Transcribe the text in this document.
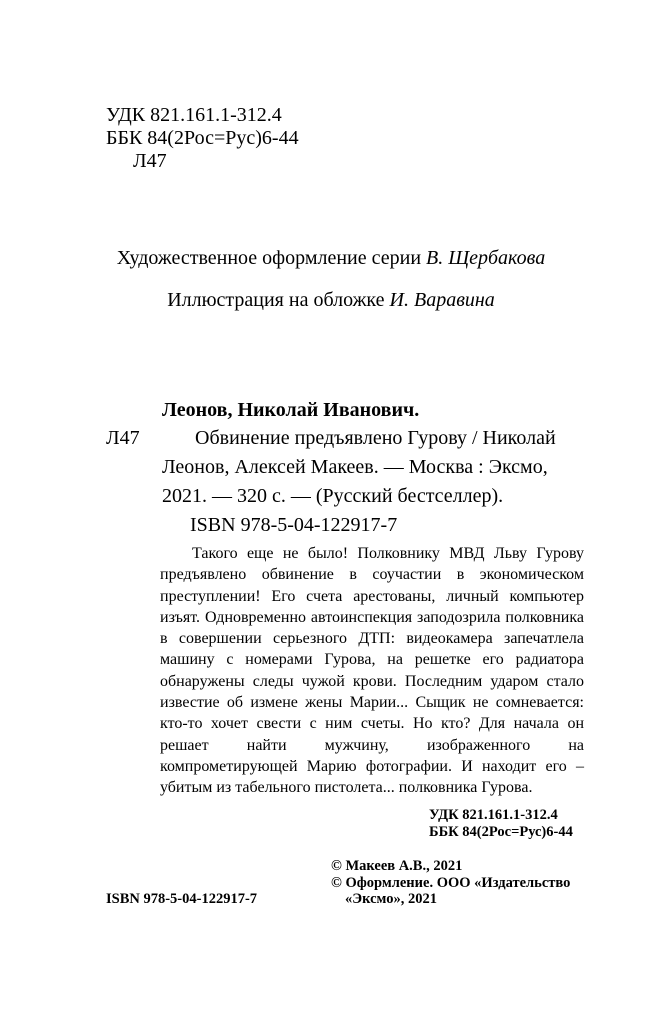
УДК 821.161.1-312.4
ББК 84(2Рос=Рус)6-44
Л47
Художественное оформление серии В. Щербакова
Иллюстрация на обложке И. Варавина
Леонов, Николай Иванович.
Л47	Обвинение предъявлено Гурову / Николай
Леонов, Алексей Макеев. — Москва : Эксмо,
2021. — 320 с. — (Русский бестселлер).
ISBN 978-5-04-122917-7
Такого еще не было! Полковнику МВД Льву Гурову предъявлено обвинение в соучастии в экономическом преступлении! Его счета арестованы, личный компьютер изъят. Одновременно автоинспекция заподозрила полковника в совершении серьезного ДТП: видеокамера запечатлела машину с номерами Гурова, на решетке его радиатора обнаружены следы чужой крови. Последним ударом стало известие об измене жены Марии... Сыщик не сомневается: кто-то хочет свести с ним счеты. Но кто? Для начала он решает найти мужчину, изображенного на компрометирующей Марию фотографии. И находит его – убитым из табельного пистолета... полковника Гурова.
УДК 821.161.1-312.4
ББК 84(2Рос=Рус)6-44
© Макеев А.В., 2021
© Оформление. ООО «Издательство
ISBN 978-5-04-122917-7	«Эксмо», 2021
